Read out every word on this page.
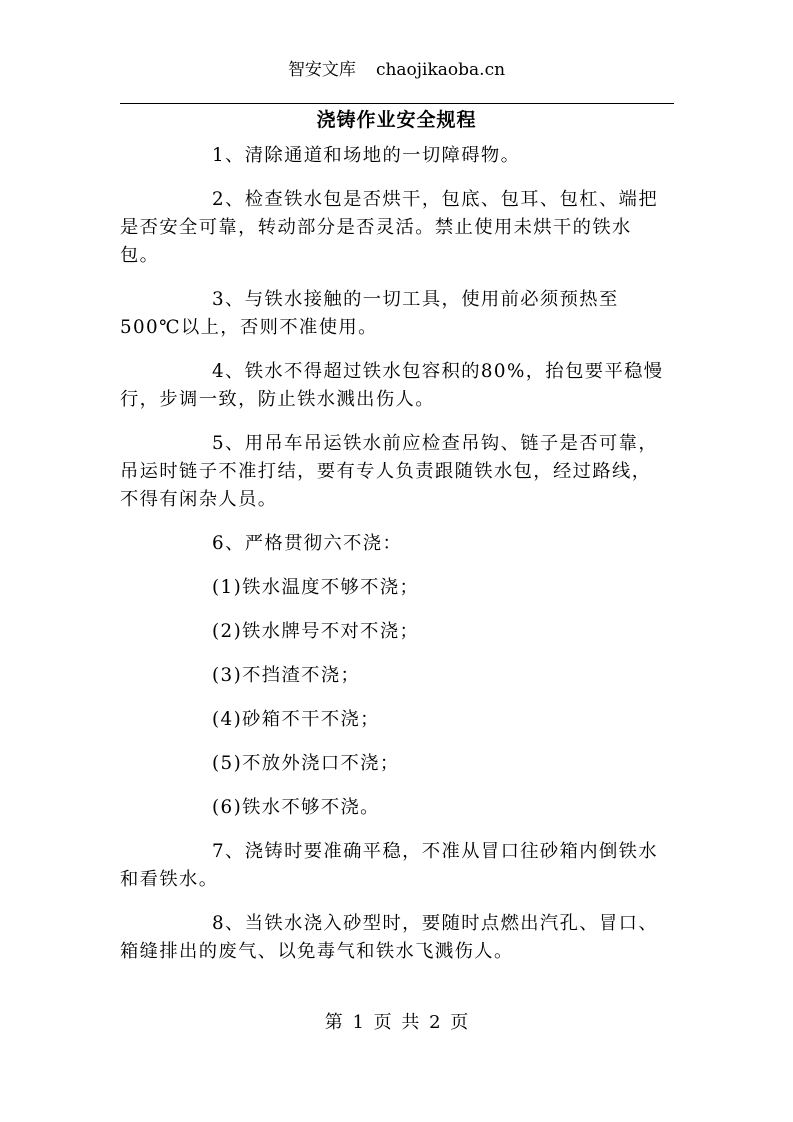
智安文库 chaojikaoba.cn
浇铸作业安全规程

1、清除通道和场地的一切障碍物。

2、检查铁水包是否烘干，包底、包耳、包杠、端把是否安全可靠，转动部分是否灵活。禁止使用未烘干的铁水包。

3、与铁水接触的一切工具，使用前必须预热至500℃以上，否则不准使用。

4、铁水不得超过铁水包容积的80%，抬包要平稳慢行，步调一致，防止铁水溅出伤人。

5、用吊车吊运铁水前应检查吊钩、链子是否可靠，吊运时链子不准打结，要有专人负责跟随铁水包，经过路线，不得有闲杂人员。

6、严格贯彻六不浇：

(1)铁水温度不够不浇；

(2)铁水牌号不对不浇；

(3)不挡渣不浇；

(4)砂箱不干不浇；

(5)不放外浇口不浇；

(6)铁水不够不浇。

7、浇铸时要准确平稳，不准从冒口往砂箱内倒铁水和看铁水。

8、当铁水浇入砂型时，要随时点燃出汽孔、冒口、箱缝排出的废气、以免毒气和铁水飞溅伤人。

第 1 页 共 2 页
